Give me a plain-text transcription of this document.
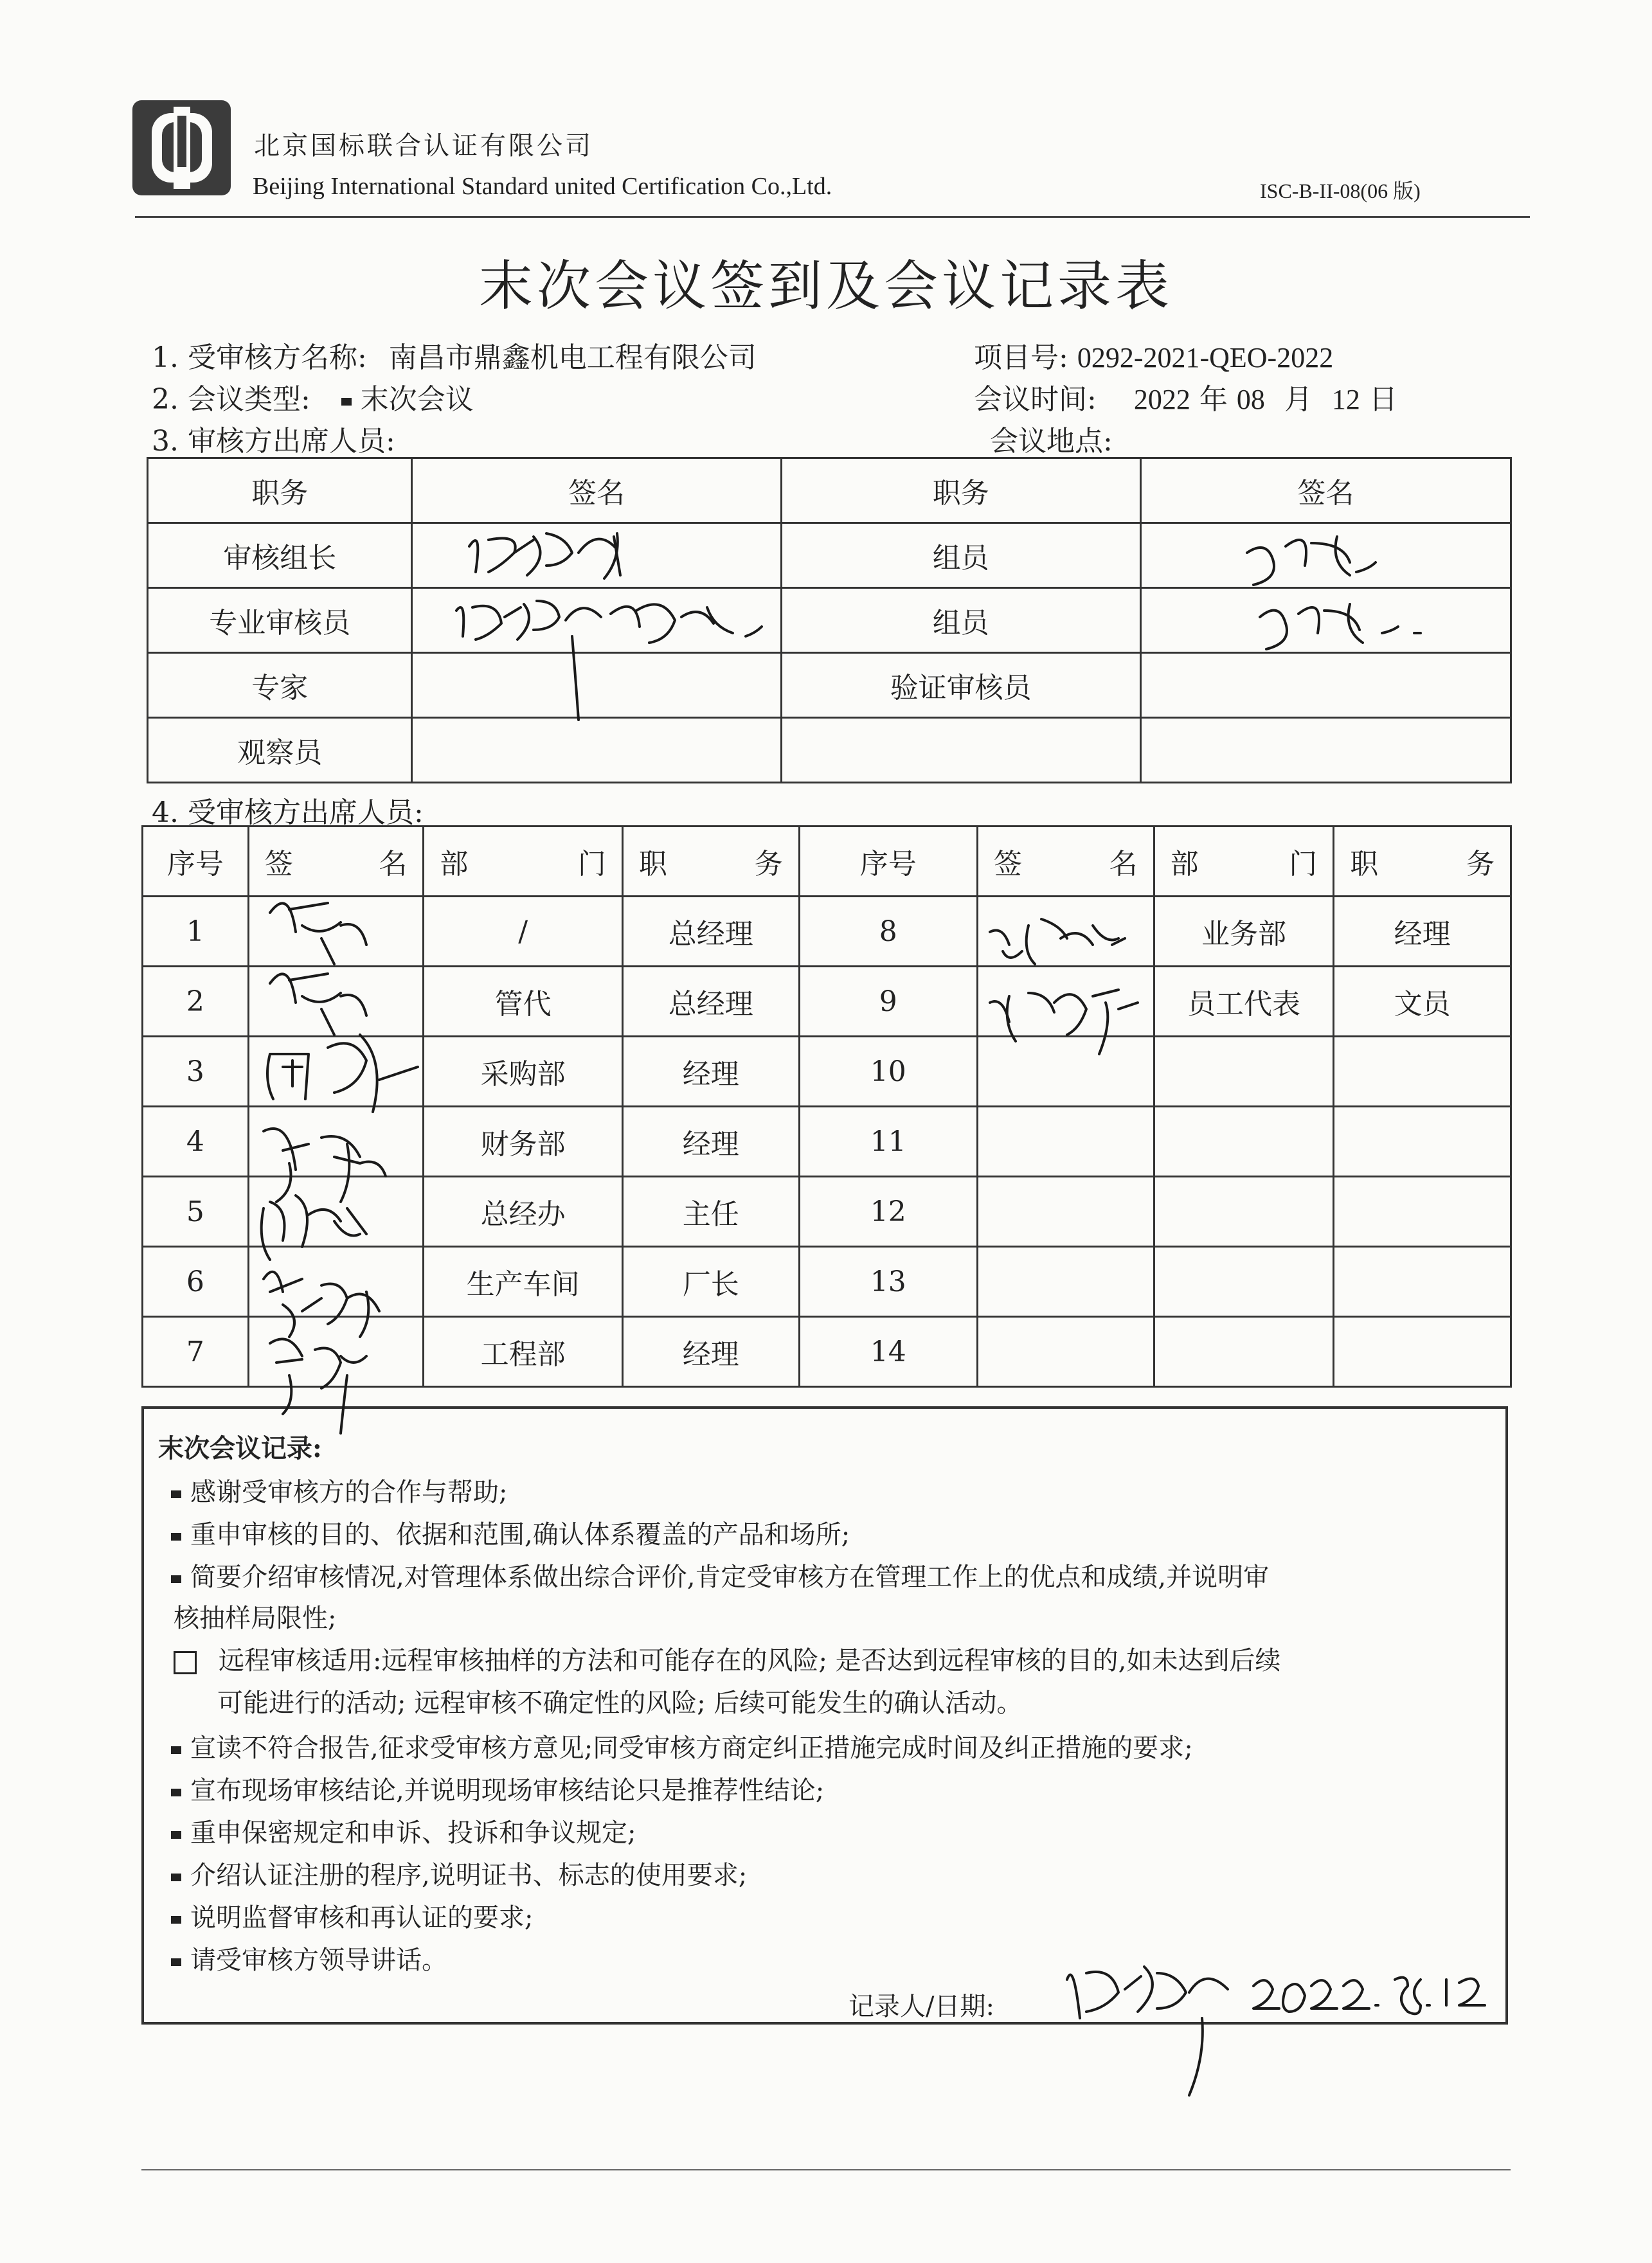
北京国标联合认证有限公司
Beijing International Standard united Certification Co.,Ltd.	ISC-B-II-08(06 版)
末次会议签到及会议记录表
1. 受审核方名称: 南昌市鼎鑫机电工程有限公司	项目号: 0292-2021-QEO-2022
2. 会议类型: 末次会议	会议时间: 2022 年 08 月 12 日
3. 审核方出席人员:	会议地点:
职务	签名	职务	签名
审核组长		组员	
专业审核员		组员	
专家		验证审核员	
观察员			
4. 受审核方出席人员:
序号	签 名	部 门	职 务	序号	签 名	部 门	职 务

1		/	总经理	8		业务部	经理
2		管代	总经理	9		员工代表	文员
3		采购部	经理	10			
4		财务部	经理	11			
5		总经办	主任	12			
6		生产车间	厂长	13			
7		工程部	经理	14			
末次会议记录:
感谢受审核方的合作与帮助;
重申审核的目的、依据和范围,确认体系覆盖的产品和场所;
简要介绍审核情况,对管理体系做出综合评价,肯定受审核方在管理工作上的优点和成绩,并说明审
核抽样局限性;
远程审核适用:远程审核抽样的方法和可能存在的风险; 是否达到远程审核的目的,如未达到后续
可能进行的活动; 远程审核不确定性的风险; 后续可能发生的确认活动。
宣读不符合报告,征求受审核方意见;同受审核方商定纠正措施完成时间及纠正措施的要求;
宣布现场审核结论,并说明现场审核结论只是推荐性结论;
重申保密规定和申诉、投诉和争议规定;
介绍认证注册的程序,说明证书、标志的使用要求;
说明监督审核和再认证的要求;
请受审核方领导讲话。
记录人/日期:
